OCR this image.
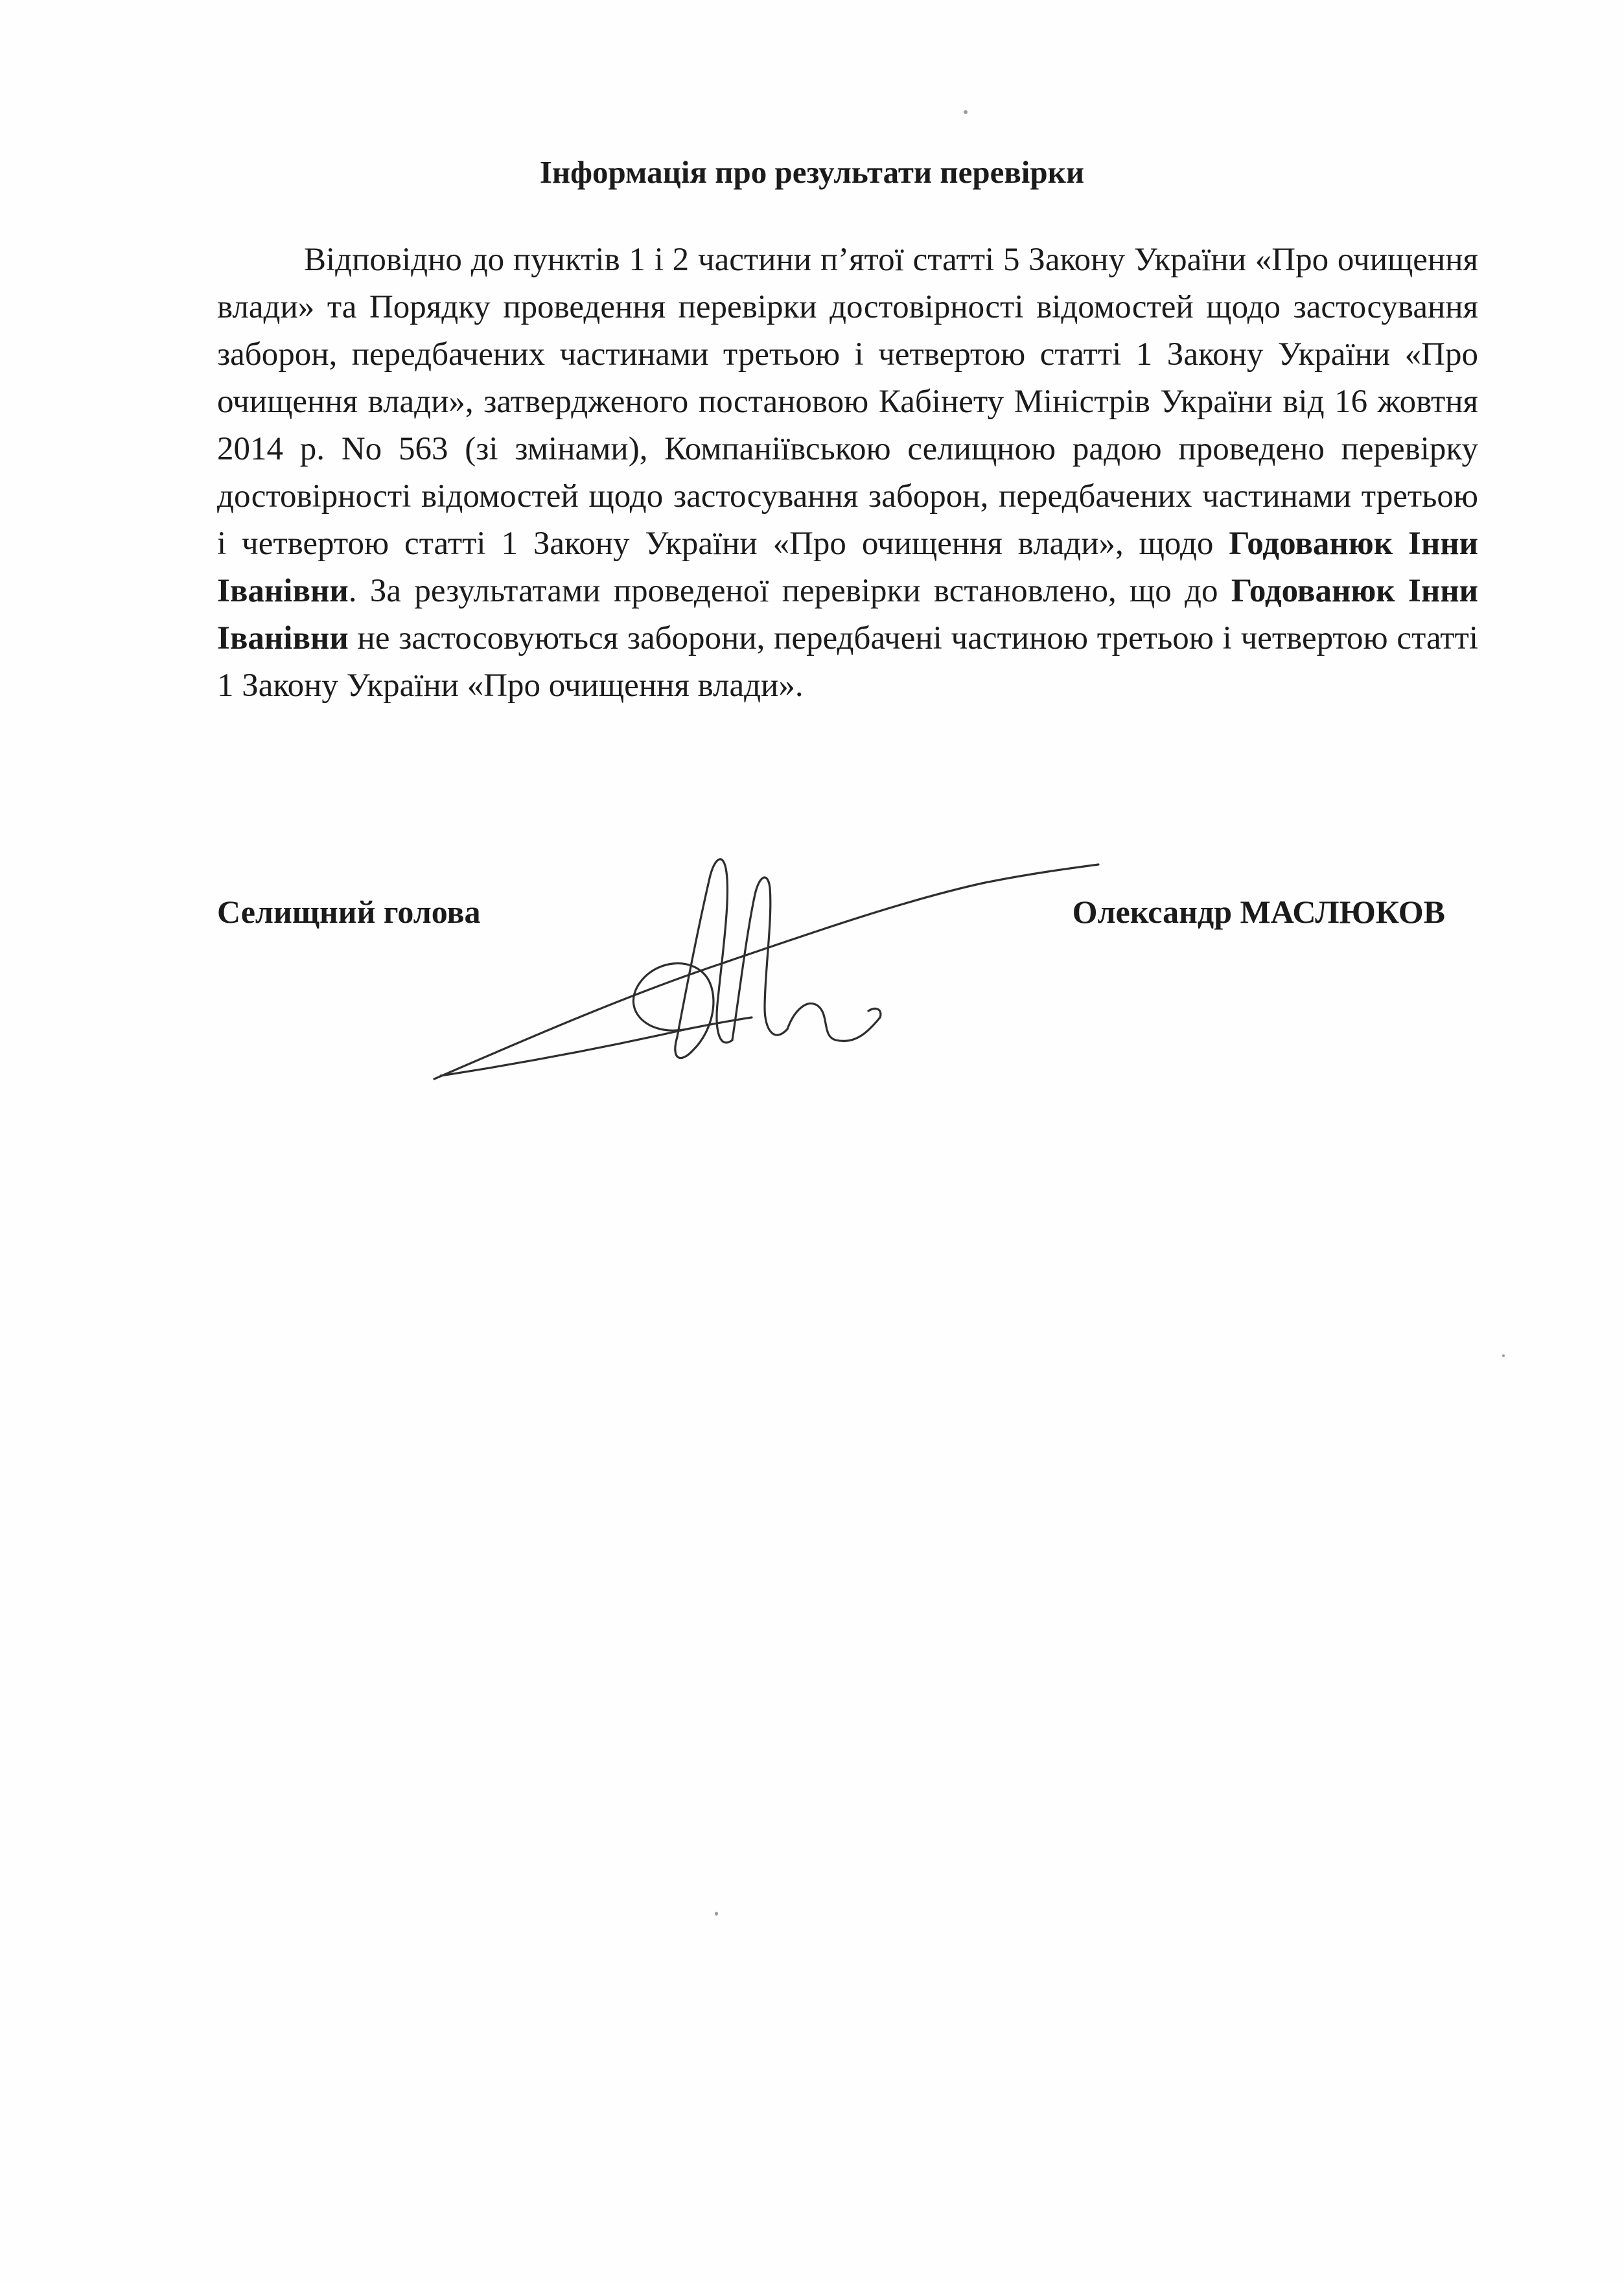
Інформація про результати перевірки

Відповідно до пунктів 1 і 2 частини п’ятої статті 5 Закону України «Про очищення влади» та Порядку проведення перевірки достовірності відомостей щодо застосування заборон, передбачених частинами третьою і четвертою статті 1 Закону України «Про очищення влади», затвердженого постановою Кабінету Міністрів України від 16 жовтня 2014 р. No 563 (зі змінами), Компаніївською селищною радою проведено перевірку достовірності відомостей щодо застосування заборон, передбачених частинами третьою і четвертою статті 1 Закону України «Про очищення влади», щодо Годованюк Інни Іванівни. За результатами проведеної перевірки встановлено, що до Годованюк Інни Іванівни не застосовуються заборони, передбачені частиною третьою і четвертою статті 1 Закону України «Про очищення влади».

Селищний голова	Олександр МАСЛЮКОВ
